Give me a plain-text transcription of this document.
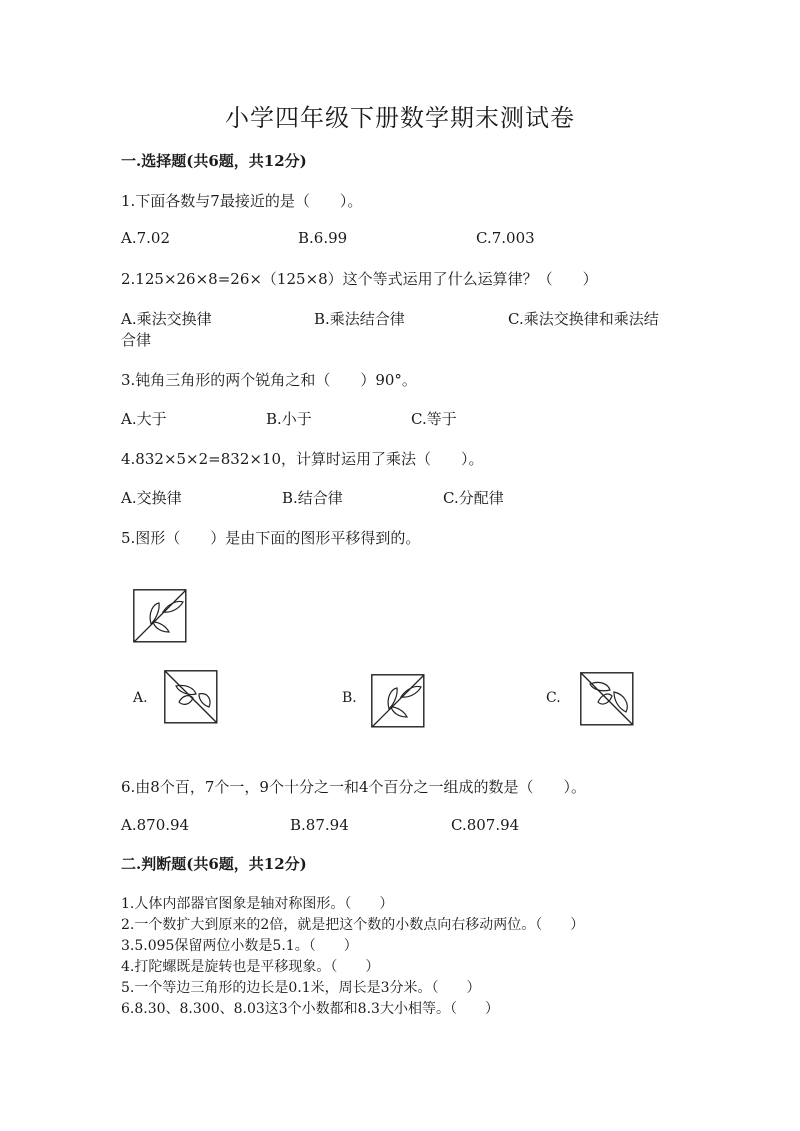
小学四年级下册数学期末测试卷
一.选择题(共6题，共12分)
1.下面各数与7最接近的是（　　）。
A.7.02	B.6.99	C.7.003
2.125×26×8=26×（125×8）这个等式运用了什么运算律？（　　）
A.乘法交换律	B.乘法结合律	C.乘法交换律和乘法结
合律
3.钝角三角形的两个锐角之和（　　）90°。
A.大于	B.小于	C.等于
4.832×5×2=832×10，计算时运用了乘法（　　）。
A.交换律	B.结合律	C.分配律
5.图形（　　）是由下面的图形平移得到的。
A.	B.	C.
6.由8个百，7个一，9个十分之一和4个百分之一组成的数是（　　）。
A.870.94	B.87.94	C.807.94
二.判断题(共6题，共12分)
1.人体内部器官图象是轴对称图形。（　　）
2.一个数扩大到原来的2倍，就是把这个数的小数点向右移动两位。（　　）
3.5.095保留两位小数是5.1。（　　）
4.打陀螺既是旋转也是平移现象。（　　）
5.一个等边三角形的边长是0.1米，周长是3分米。（　　）
6.8.30、8.300、8.03这3个小数都和8.3大小相等。（　　）
